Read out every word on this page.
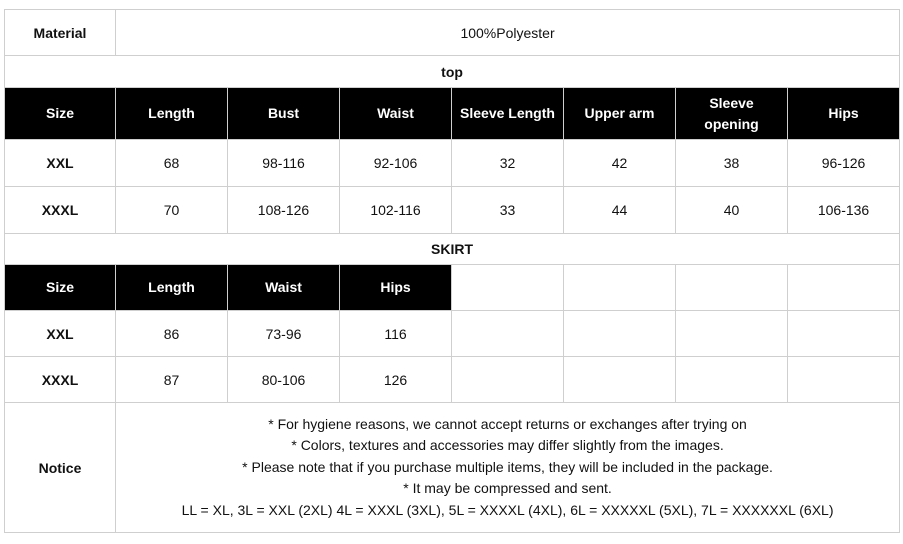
Material	100%Polyester						
top							
Size	Length	Bust	Waist	Sleeve Length	Upper arm	Sleeve opening	Hips
XXL	68	98-116	92-106	32	42	38	96-126
XXXL	70	108-126	102-116	33	44	40	106-136
SKIRT							
Size	Length	Waist	Hips				
XXL	86	73-96	116				
XXXL	87	80-106	126				
Notice	* For hygiene reasons, we cannot accept returns or exchanges after trying on
* Colors, textures and accessories may differ slightly from the images.
* Please note that if you purchase multiple items, they will be included in the package.
* It may be compressed and sent.
LL = XL, 3L = XXL (2XL) 4L = XXXL (3XL), 5L = XXXXL (4XL), 6L = XXXXXL (5XL), 7L = XXXXXXL (6XL)						
